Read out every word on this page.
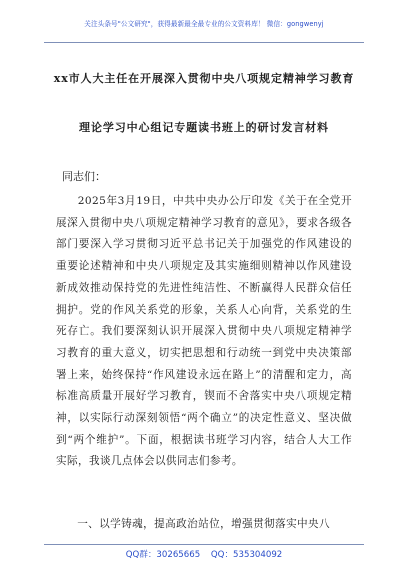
关注头条号"公文研究"，获得最新最全最专业的公文资料库！ 微信：gongwenyj
xx市人大主任在开展深入贯彻中央八项规定精神学习教育
理论学习中心组记专题读书班上的研讨发言材料
同志们：

2025年3月19日，中共中央办公厅印发《关于在全党开展深入贯彻中央八项规定精神学习教育的意见》，要求各级各部门要深入学习贯彻习近平总书记关于加强党的作风建设的重要论述精神和中央八项规定及其实施细则精神以作风建设新成效推动保持党的先进性纯洁性、不断赢得人民群众信任拥护。党的作风关系党的形象，关系人心向背，关系党的生死存亡。我们要深刻认识开展深入贯彻中央八项规定精神学习教育的重大意义，切实把思想和行动统一到党中央决策部署上来，始终保持“作风建设永远在路上”的清醒和定力，高标准高质量开展好学习教育，锲而不舍落实中央八项规定精神，以实际行动深刻领悟“两个确立”的决定性意义、坚决做到“两个维护”。下面，根据读书班学习内容，结合人大工作实际，我谈几点体会以供同志们参考。

一、以学铸魂，提高政治站位，增强贯彻落实中央八

QQ群：30265665 QQ：535304092
